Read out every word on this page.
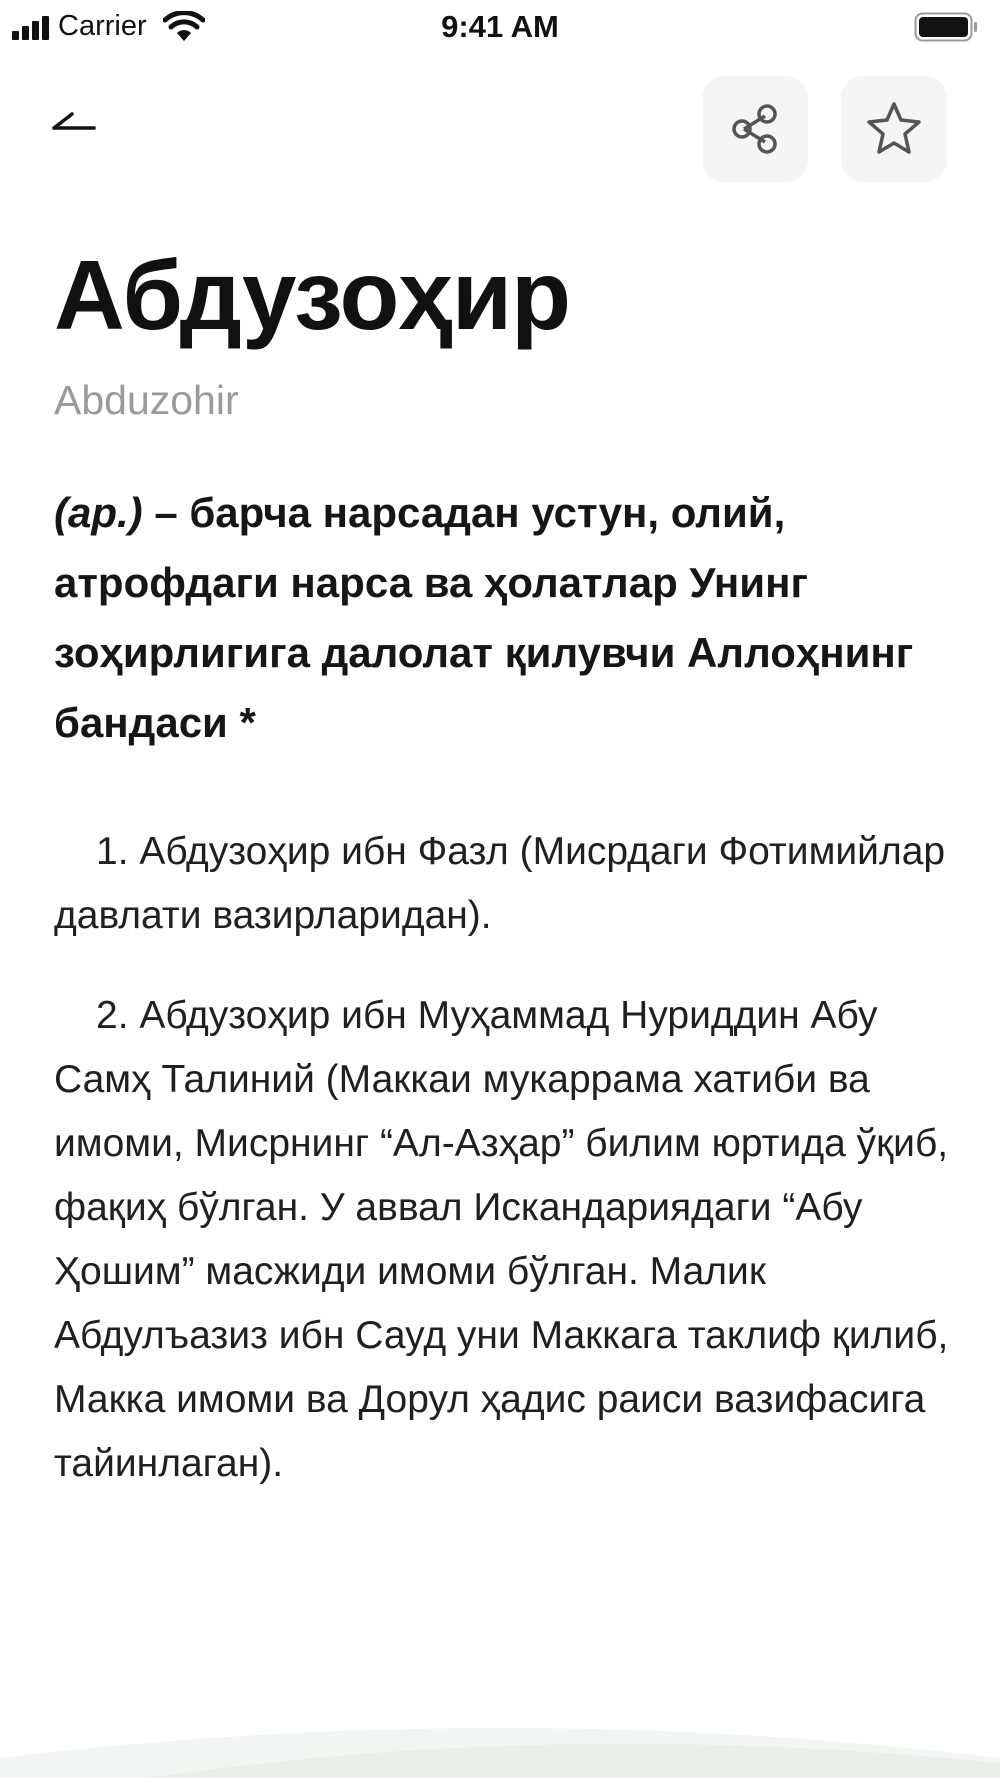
Carrier	9:41 AM
Абдузоҳир
Abduzohir

(ар.) – барча нарсадан устун, олий, атрофдаги нарса ва ҳолатлар Унинг зоҳирлигига далолат қилувчи Аллоҳнинг бандаси *

1. Абдузоҳир ибн Фазл (Мисрдаги Фотимийлар давлати вазирларидан).

2. Абдузоҳир ибн Муҳаммад Нуриддин Абу Самҳ Талиний (Маккаи мукаррама хатиби ва имоми, Мисрнинг “Ал-Азҳар” билим юртида ўқиб, фақиҳ бўлган. У аввал Искандариядаги “Абу Ҳошим” масжиди имоми бўлган. Малик Абдулъазиз ибн Сауд уни Маккага таклиф қилиб, Макка имоми ва Дорул ҳадис раиси вазифасига тайинлаган).
